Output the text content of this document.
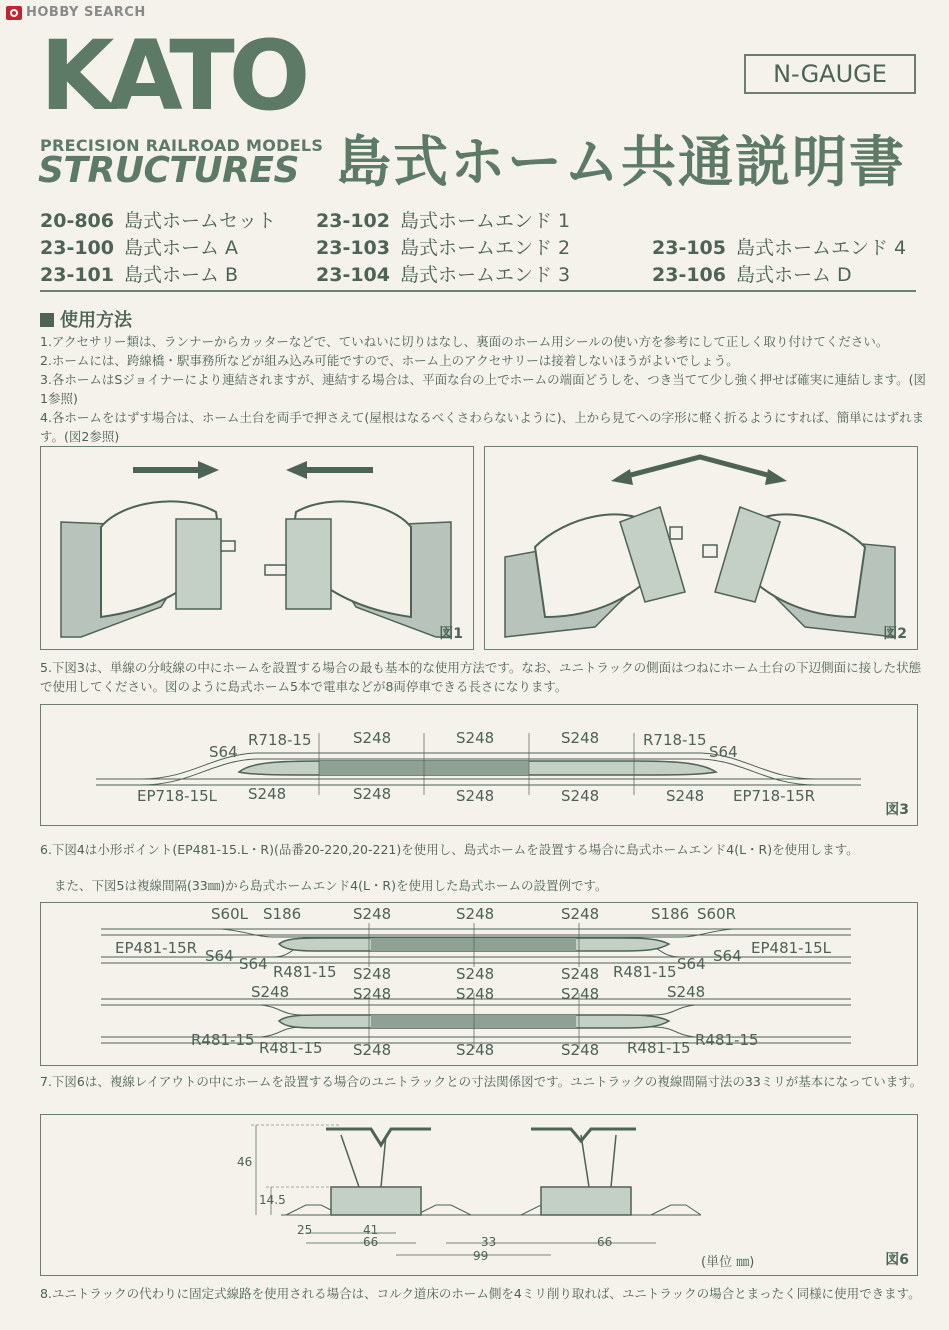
HOBBY SEARCH
KATO
PRECISION RAILROAD MODELS
STRUCTURES
N-GAUGE
島式ホーム共通説明書
20-806 島式ホームセット
23-100 島式ホーム A
23-101 島式ホーム B
23-102 島式ホームエンド 1
23-103 島式ホームエンド 2
23-104 島式ホームエンド 3
23-105 島式ホームエンド 4
23-106 島式ホーム D
使用方法
1.アクセサリー類は、ランナーからカッターなどで、ていねいに切りはなし、裏面のホーム用シールの使い方を参考にして正しく取り付けてください。
2.ホームには、跨線橋・駅事務所などが組み込み可能ですので、ホーム上のアクセサリーは接着しないほうがよいでしょう。
3.各ホームはSジョイナーにより連結されますが、連結する場合は、平面な台の上でホームの端面どうしを、つき当てて少し強く押せば確実に連結します。(図1参照)
4.各ホームをはずす場合は、ホーム土台を両手で押さえて(屋根はなるべくさわらないように)、上から見てへの字形に軽く折るようにすれば、簡単にはずれます。(図2参照)
図1	図2
5.下図3は、単線の分岐線の中にホームを設置する場合の最も基本的な使用方法です。なお、ユニトラックの側面はつねにホーム土台の下辺側面に接した状態で使用してください。図のように島式ホーム5本で電車などが8両停車できる長さになります。
S64
R718-15	S248	S248	S248	R718-15
S64
EP718-15L S248	S248	S248	S248	S248 EP718-15R
図3
6.下図4は小形ポイント(EP481-15.L・R)(品番20-220,20-221)を使用し、島式ホームを設置する場合に島式ホームエンド4(L・R)を使用します。
また、下図5は複線間隔(33㎜)から島式ホームエンド4(L・R)を使用した島式ホームの設置例です。
S60L S186	S248	S248	S248	S186 S60R
EP481-15R S64 S64 R481-15 S248	S248	S248 R481-15 S64 S64 EP481-15L
S248	S248	S248	S248	S248
R481-15 R481-15 S248	S248	S248 R481-15 R481-15
7.下図6は、複線レイアウトの中にホームを設置する場合のユニトラックとの寸法関係図です。ユニトラックの複線間隔寸法の33ミリが基本になっています。
46
14.5
25	41
66	33	66
99	(単位 ㎜)	図6
8.ユニトラックの代わりに固定式線路を使用される場合は、コルク道床のホーム側を4ミリ削り取れば、ユニトラックの場合とまったく同様に使用できます。
